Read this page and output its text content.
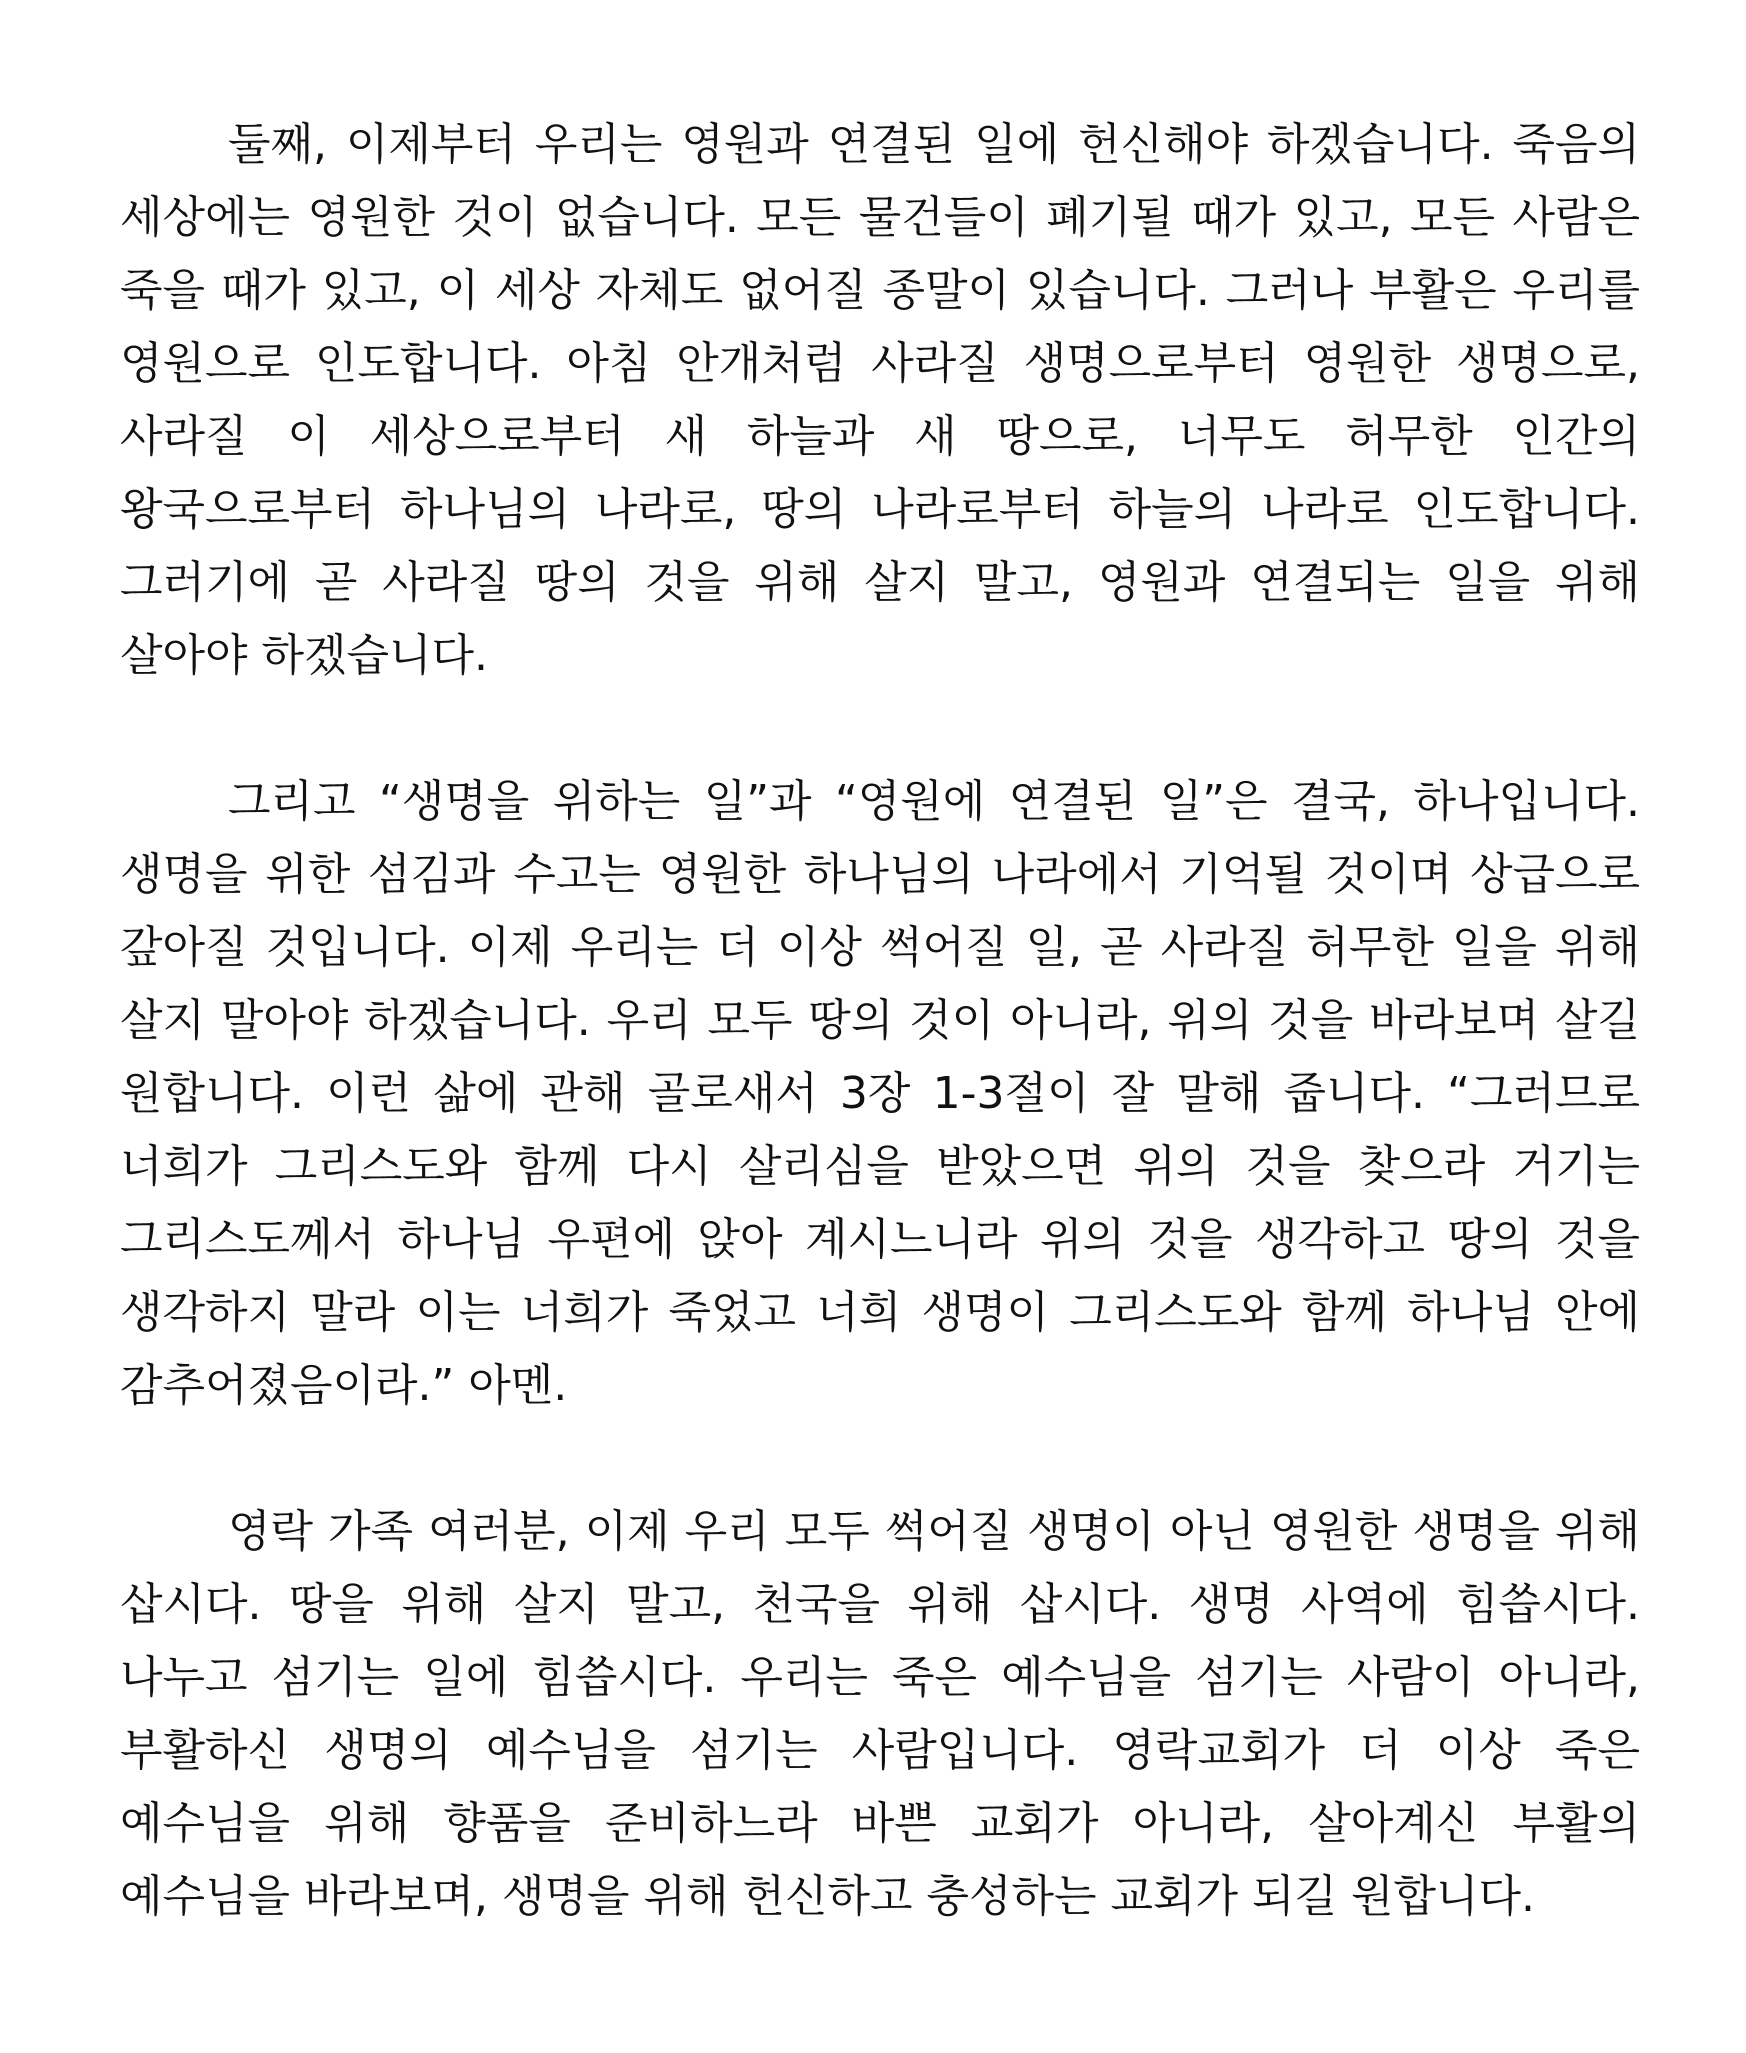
둘째, 이제부터 우리는 영원과 연결된 일에 헌신해야 하겠습니다. 죽음의 세상에는 영원한 것이 없습니다. 모든 물건들이 폐기될 때가 있고, 모든 사람은 죽을 때가 있고, 이 세상 자체도 없어질 종말이 있습니다. 그러나 부활은 우리를 영원으로 인도합니다. 아침 안개처럼 사라질 생명으로부터 영원한 생명으로, 사라질 이 세상으로부터 새 하늘과 새 땅으로, 너무도 허무한 인간의 왕국으로부터 하나님의 나라로, 땅의 나라로부터 하늘의 나라로 인도합니다. 그러기에 곧 사라질 땅의 것을 위해 살지 말고, 영원과 연결되는 일을 위해 살아야 하겠습니다.

그리고 “생명을 위하는 일”과 “영원에 연결된 일”은 결국, 하나입니다. 생명을 위한 섬김과 수고는 영원한 하나님의 나라에서 기억될 것이며 상급으로 갚아질 것입니다. 이제 우리는 더 이상 썩어질 일, 곧 사라질 허무한 일을 위해 살지 말아야 하겠습니다. 우리 모두 땅의 것이 아니라, 위의 것을 바라보며 살길 원합니다. 이런 삶에 관해 골로새서 3장 1-3절이 잘 말해 줍니다. “그러므로 너희가 그리스도와 함께 다시 살리심을 받았으면 위의 것을 찾으라 거기는 그리스도께서 하나님 우편에 앉아 계시느니라 위의 것을 생각하고 땅의 것을 생각하지 말라 이는 너희가 죽었고 너희 생명이 그리스도와 함께 하나님 안에 감추어졌음이라.” 아멘.

영락 가족 여러분, 이제 우리 모두 썩어질 생명이 아닌 영원한 생명을 위해 삽시다. 땅을 위해 살지 말고, 천국을 위해 삽시다. 생명 사역에 힘씁시다. 나누고 섬기는 일에 힘씁시다. 우리는 죽은 예수님을 섬기는 사람이 아니라, 부활하신 생명의 예수님을 섬기는 사람입니다. 영락교회가 더 이상 죽은 예수님을 위해 향품을 준비하느라 바쁜 교회가 아니라, 살아계신 부활의 예수님을 바라보며, 생명을 위해 헌신하고 충성하는 교회가 되길 원합니다.
